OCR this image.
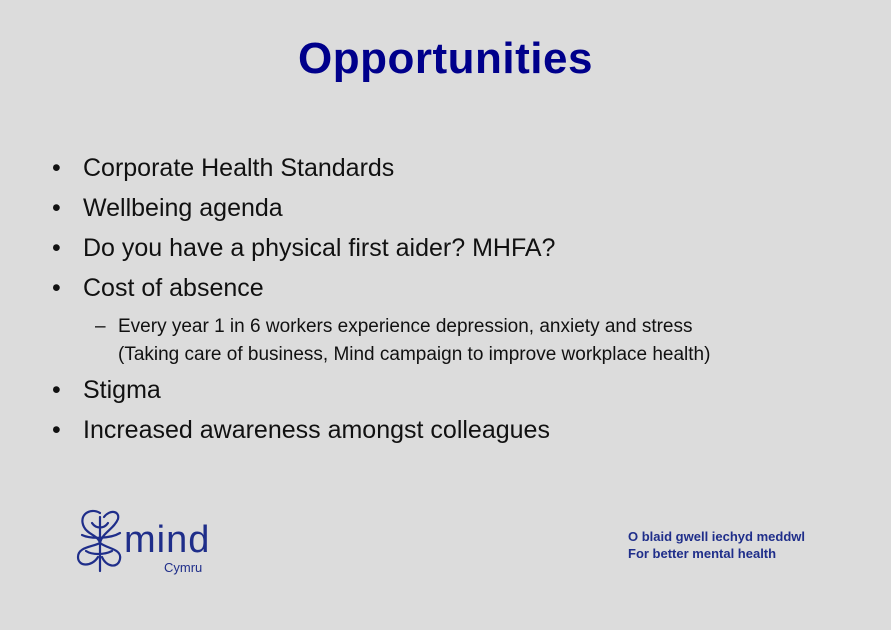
Opportunities
• Corporate Health Standards
• Wellbeing agenda
• Do you have a physical first aider? MHFA?
• Cost of absence
– Every year 1 in 6 workers experience depression, anxiety and stress
(Taking care of business, Mind campaign to improve workplace health)
• Stigma
• Increased awareness amongst colleagues
mind
Cymru
O blaid gwell iechyd meddwl
For better mental health
